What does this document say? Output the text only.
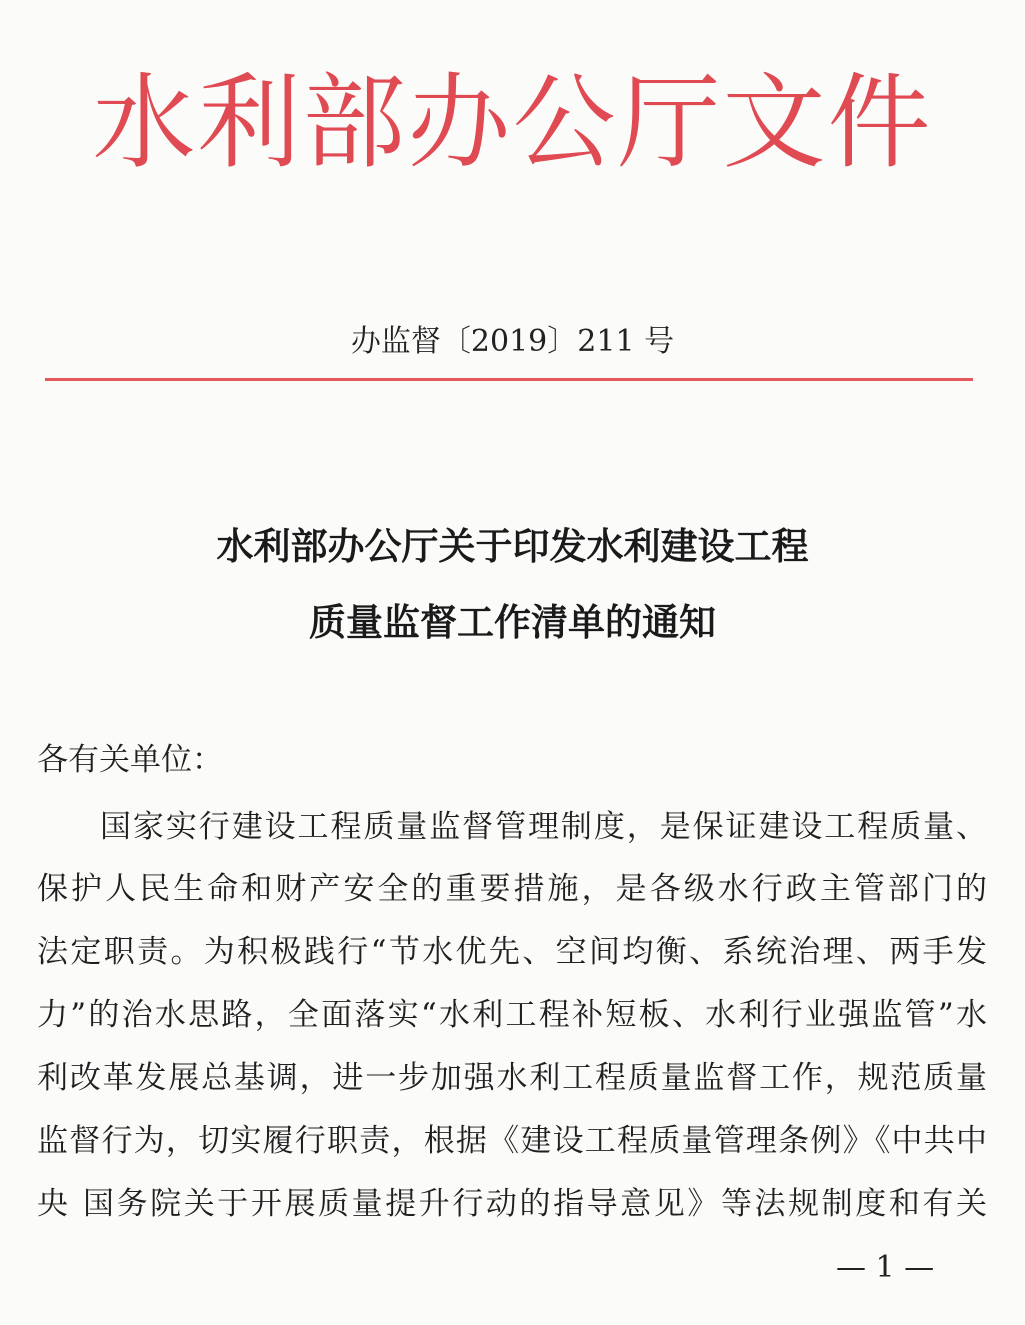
水利部办公厅文件
办监督〔2019〕211 号
水利部办公厅关于印发水利建设工程
质量监督工作清单的通知
各有关单位：
国家实行建设工程质量监督管理制度，是保证建设工程质量、
保护人民生命和财产安全的重要措施，是各级水行政主管部门的
法定职责。为积极践行“节水优先、空间均衡、系统治理、两手发
力”的治水思路，全面落实“水利工程补短板、水利行业强监管”水
利改革发展总基调，进一步加强水利工程质量监督工作，规范质量
监督行为，切实履行职责，根据《建设工程质量管理条例》《中共中
央 国务院关于开展质量提升行动的指导意见》等法规制度和有关
— 1 —
